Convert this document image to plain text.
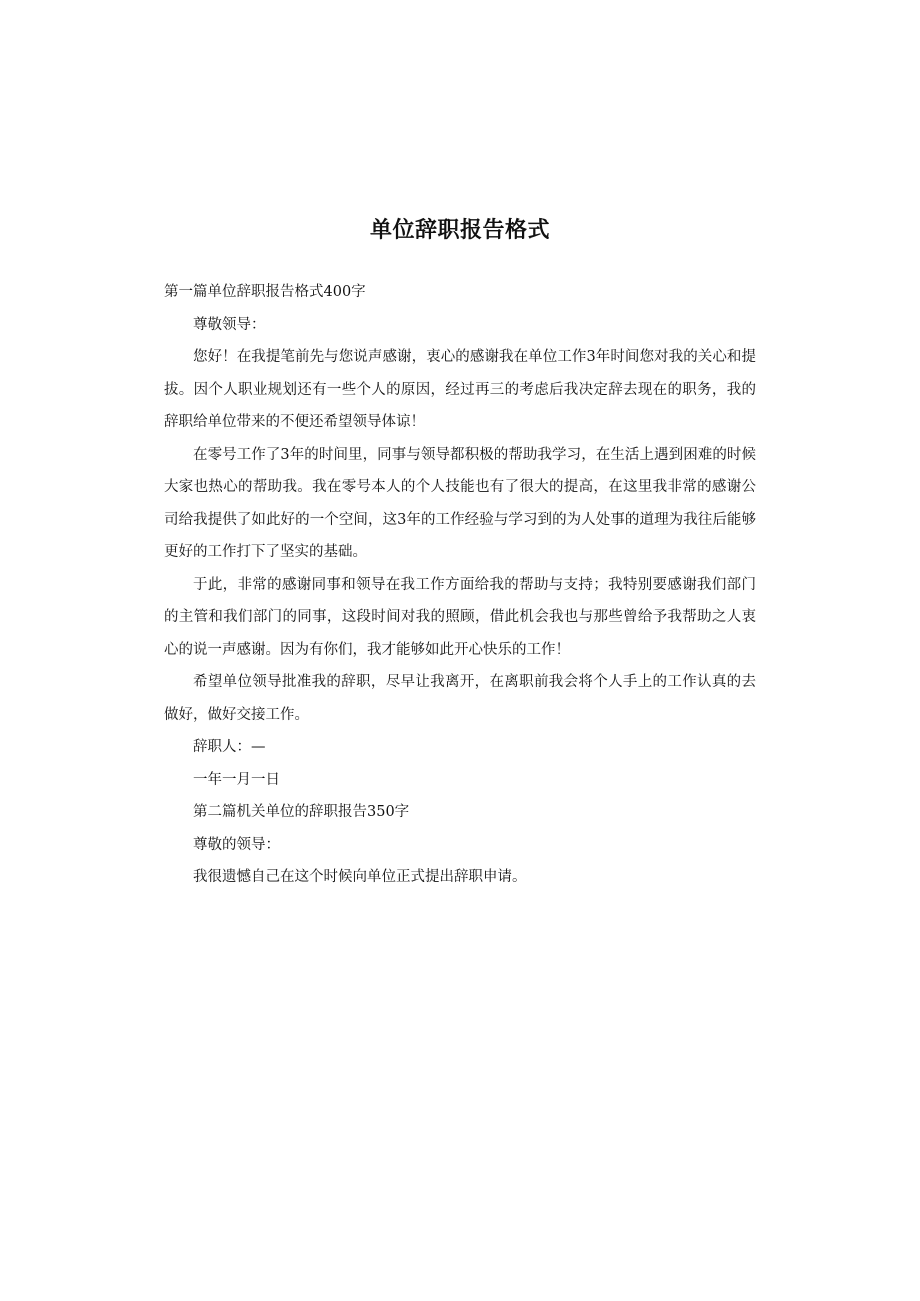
单位辞职报告格式

第一篇单位辞职报告格式400字

尊敬领导：

您好！在我提笔前先与您说声感谢，衷心的感谢我在单位工作3年时间您对我的关心和提拔。因个人职业规划还有一些个人的原因，经过再三的考虑后我决定辞去现在的职务，我的辞职给单位带来的不便还希望领导体谅！

在零号工作了3年的时间里，同事与领导都积极的帮助我学习，在生活上遇到困难的时候大家也热心的帮助我。我在零号本人的个人技能也有了很大的提高，在这里我非常的感谢公司给我提供了如此好的一个空间，这3年的工作经验与学习到的为人处事的道理为我往后能够更好的工作打下了坚实的基础。

于此，非常的感谢同事和领导在我工作方面给我的帮助与支持；我特别要感谢我们部门的主管和我们部门的同事，这段时间对我的照顾，借此机会我也与那些曾给予我帮助之人衷心的说一声感谢。因为有你们，我才能够如此开心快乐的工作！

希望单位领导批准我的辞职，尽早让我离开，在离职前我会将个人手上的工作认真的去做好，做好交接工作。

辞职人：—

一年一月一日

第二篇机关单位的辞职报告350字

尊敬的领导：

我很遗憾自己在这个时候向单位正式提出辞职申请。
